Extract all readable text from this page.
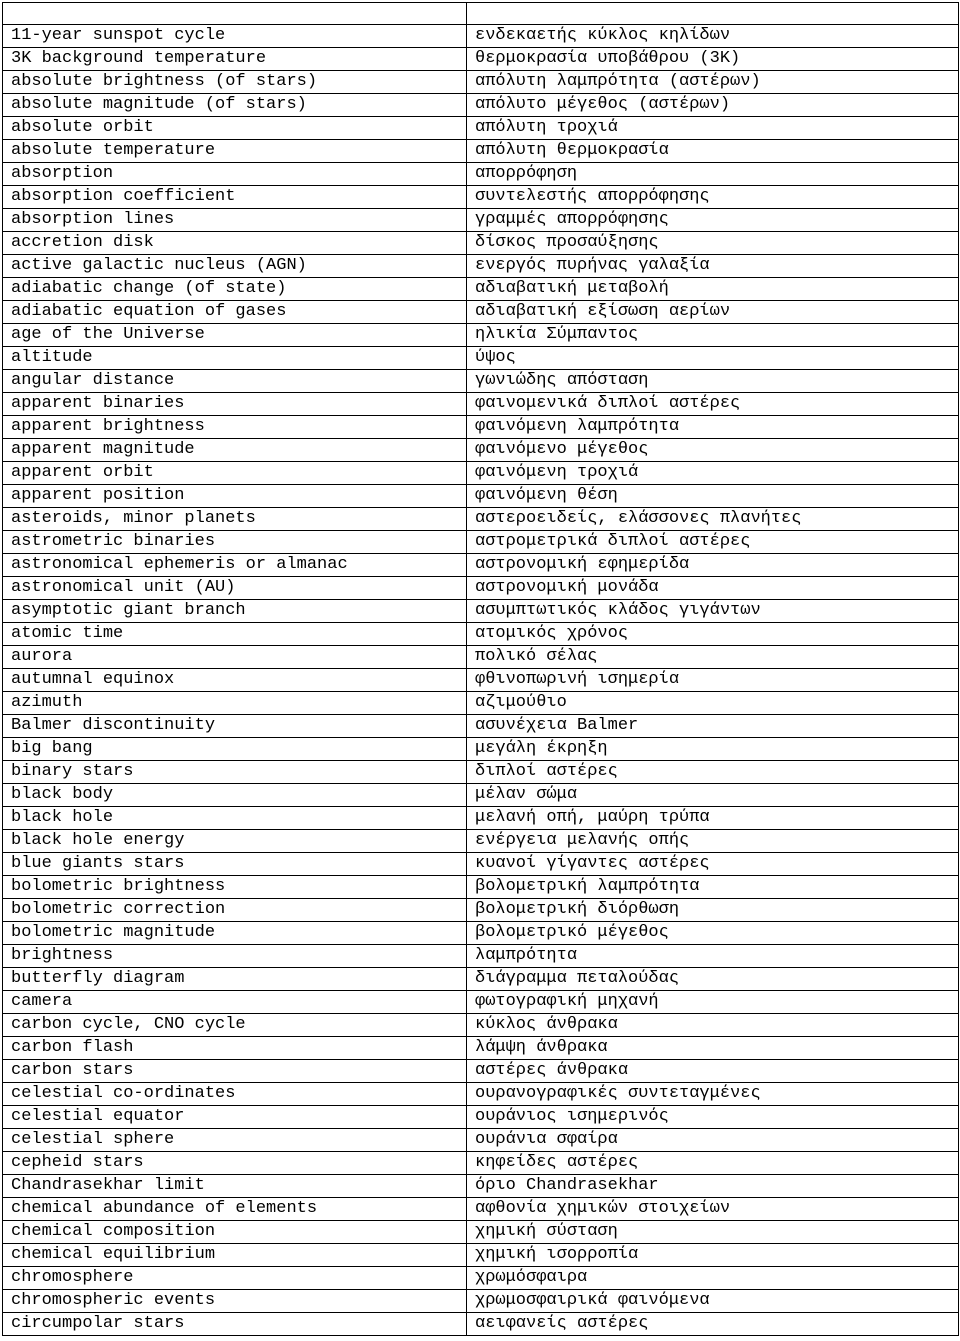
11-year sunspot cycle	ενδεκαετής κύκλος κηλίδων
3K background temperature	θερμοκρασία υποβάθρου (3K)
absolute brightness (of stars)	απόλυτη λαμπρότητα (αστέρων)
absolute magnitude (of stars)	απόλυτο μέγεθος (αστέρων)
absolute orbit	απόλυτη τροχιά
absolute temperature	απόλυτη θερμοκρασία
absorption	απορρόφηση
absorption coefficient	συντελεστής απορρόφησης
absorption lines	γραμμές απορρόφησης
accretion disk	δίσκος προσαύξησης
active galactic nucleus (AGN)	ενεργός πυρήνας γαλαξία
adiabatic change (of state)	αδιαβατική μεταβολή
adiabatic equation of gases	αδιαβατική εξίσωση αερίων
age of the Universe	ηλικία Σύμπαντος
altitude	ύψος
angular distance	γωνιώδης απόσταση
apparent binaries	φαινομενικά διπλοί αστέρες
apparent brightness	φαινόμενη λαμπρότητα
apparent magnitude	φαινόμενο μέγεθος
apparent orbit	φαινόμενη τροχιά
apparent position	φαινόμενη θέση
asteroids, minor planets	αστεροειδείς, ελάσσονες πλανήτες
astrometric binaries	αστρομετρικά διπλοί αστέρες
astronomical ephemeris or almanac	αστρονομική εφημερίδα
astronomical unit (AU)	αστρονομική μονάδα
asymptotic giant branch	ασυμπτωτικός κλάδος γιγάντων
atomic time	ατομικός χρόνος
aurora	πολικό σέλας
autumnal equinox	φθινοπωρινή ισημερία
azimuth	αζιμούθιο
Balmer discontinuity	ασυνέχεια Balmer
big bang	μεγάλη έκρηξη
binary stars	διπλοί αστέρες
black body	μέλαν σώμα
black hole	μελανή οπή, μαύρη τρύπα
black hole energy	ενέργεια μελανής οπής
blue giants stars	κυανοί γίγαντες αστέρες
bolometric brightness	βολομετρική λαμπρότητα
bolometric correction	βολομετρική διόρθωση
bolometric magnitude	βολομετρικό μέγεθος
brightness	λαμπρότητα
butterfly diagram	διάγραμμα πεταλούδας
camera	φωτογραφική μηχανή
carbon cycle, CNO cycle	κύκλος άνθρακα
carbon flash	λάμψη άνθρακα
carbon stars	αστέρες άνθρακα
celestial co-ordinates	ουρανογραφικές συντεταγμένες
celestial equator	ουράνιος ισημερινός
celestial sphere	ουράνια σφαίρα
cepheid stars	κηφείδες αστέρες
Chandrasekhar limit	όριο Chandrasekhar
chemical abundance of elements	αφθονία χημικών στοιχείων
chemical composition	χημική σύσταση
chemical equilibrium	χημική ισορροπία
chromosphere	χρωμόσφαιρα
chromospheric events	χρωμοσφαιρικά φαινόμενα
circumpolar stars	αειφανείς αστέρες
